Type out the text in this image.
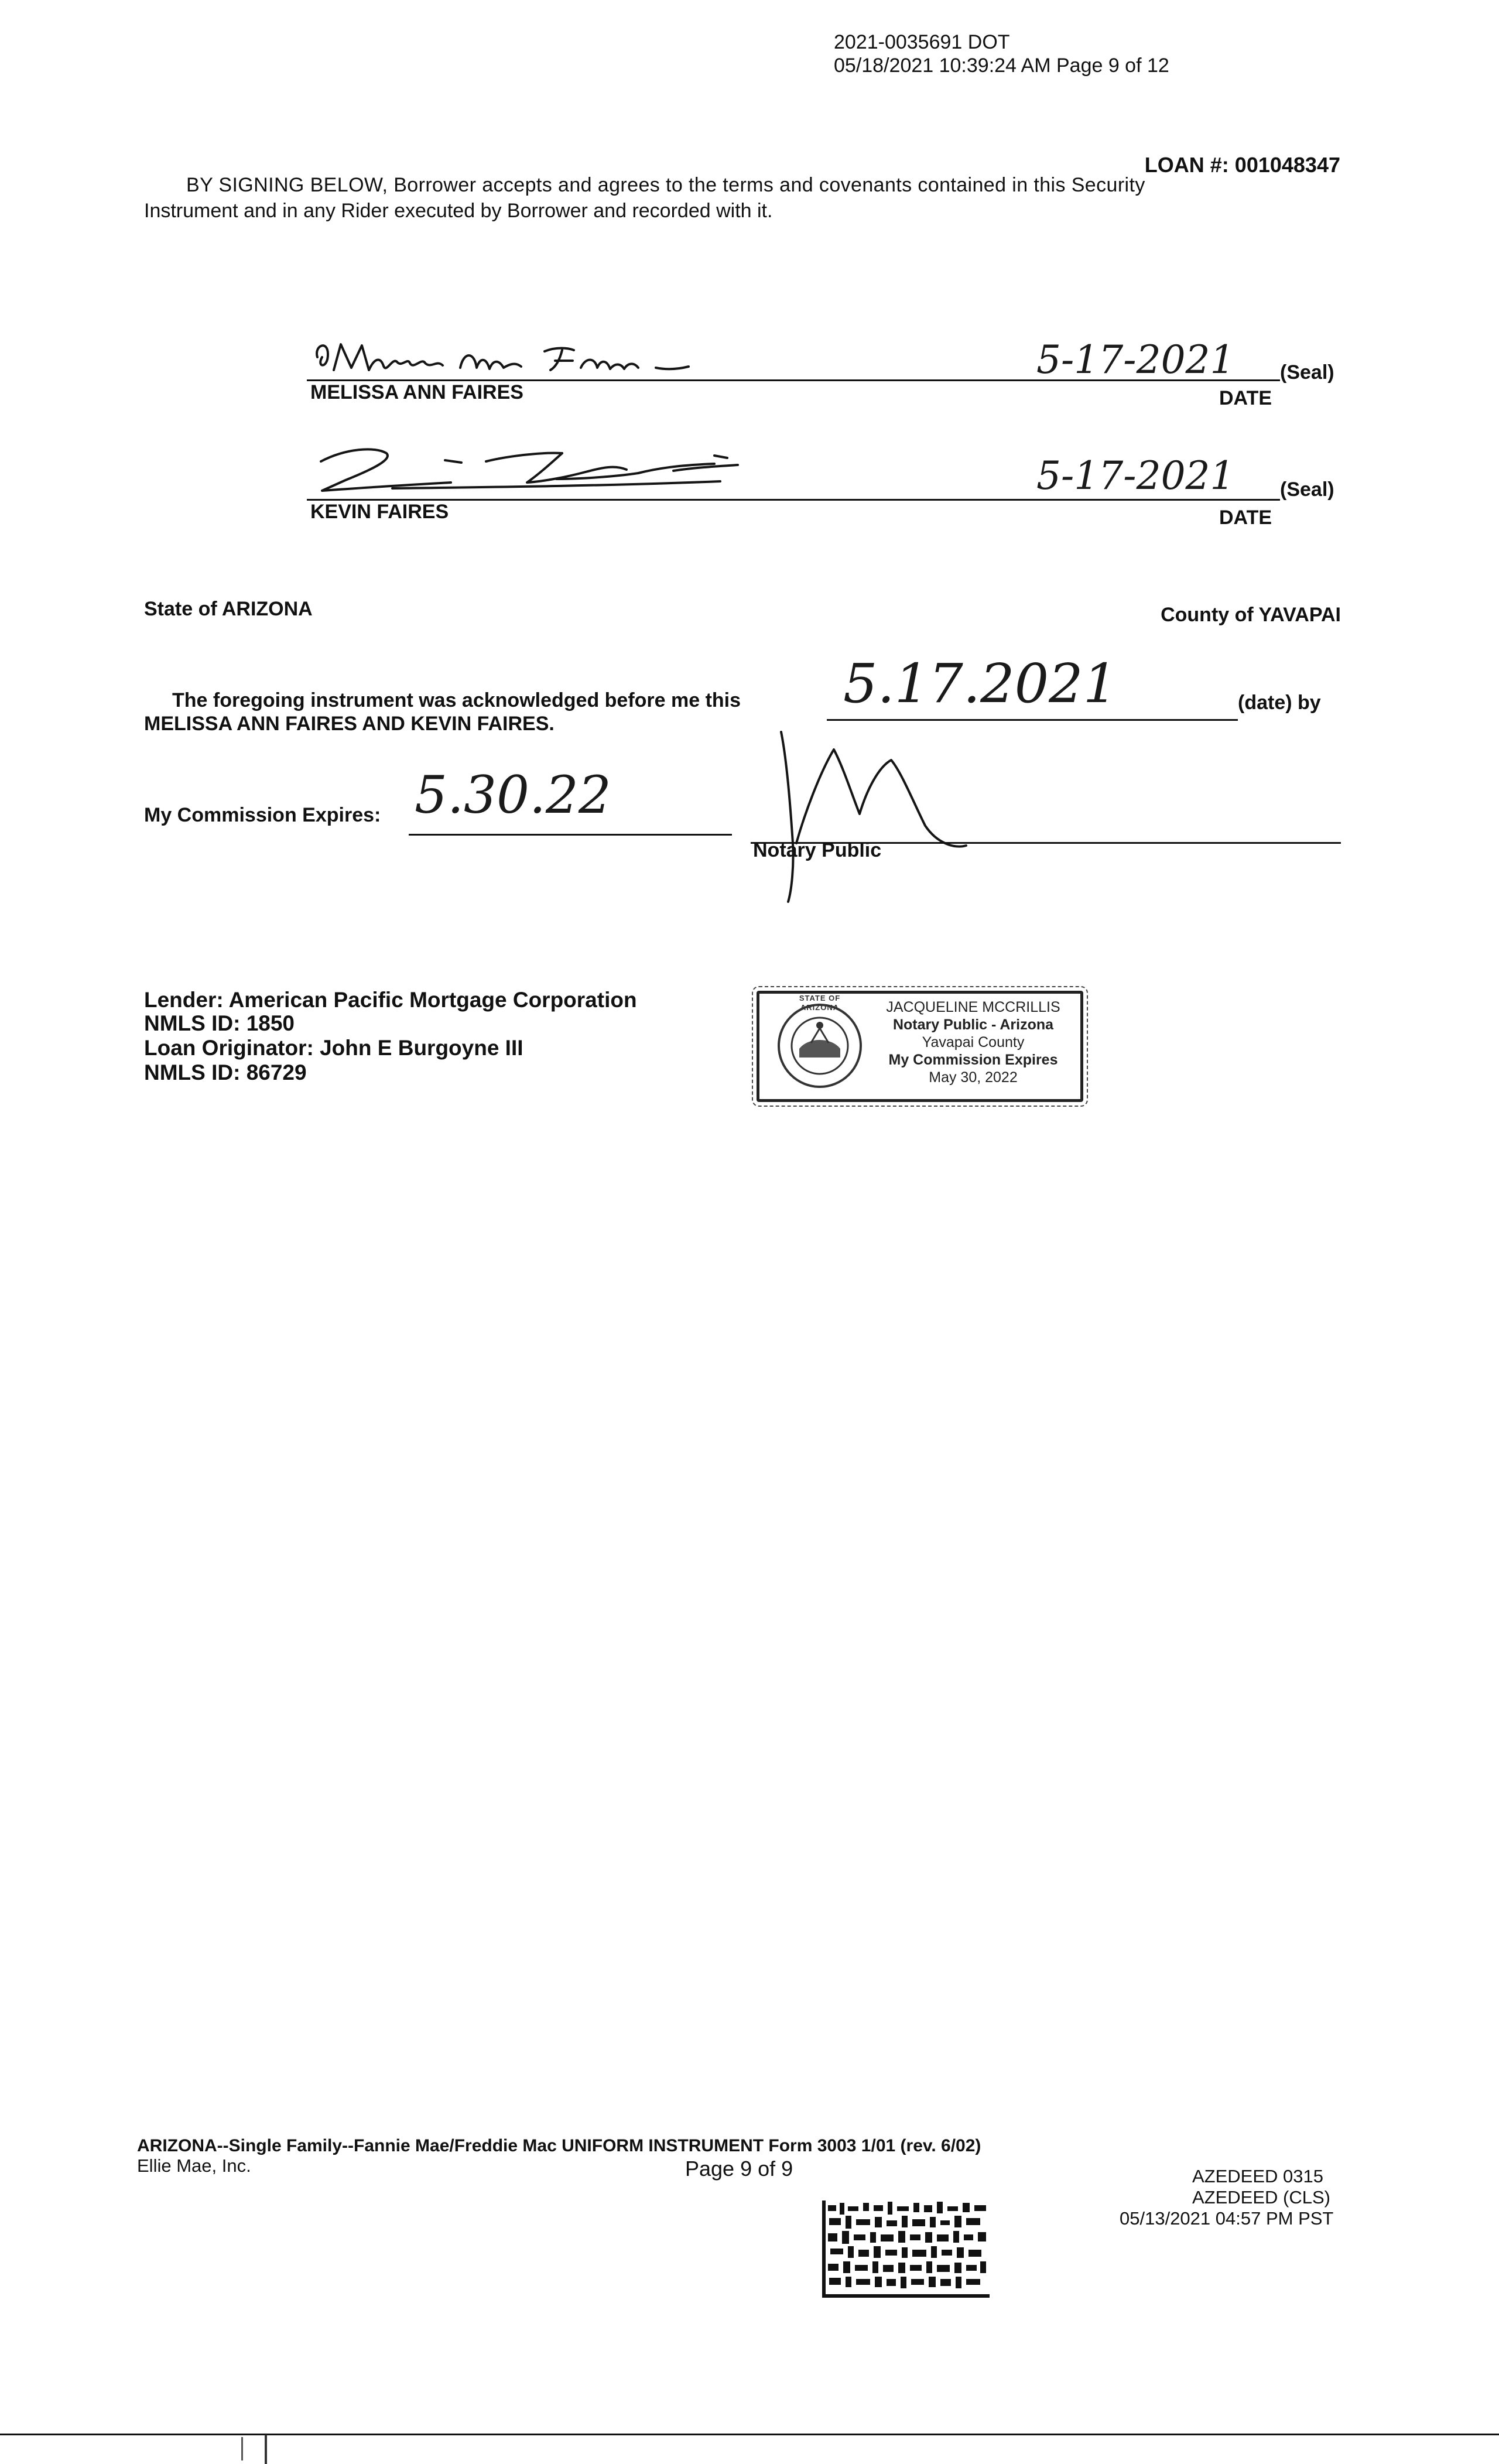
2021-0035691 DOT
05/18/2021 10:39:24 AM Page 9 of 12
LOAN #: 001048347
BY SIGNING BELOW, Borrower accepts and agrees to the terms and covenants contained in this Security
Instrument and in any Rider executed by Borrower and recorded with it.
MELISSA ANN FAIRES
5-17-2021
DATE
(Seal)
KEVIN FAIRES
5-17-2021
DATE
(Seal)
State of ARIZONA	County of YAVAPAI
The foregoing instrument was acknowledged before me this 5.17.2021	(date) by
MELISSA ANN FAIRES AND KEVIN FAIRES.
My Commission Expires: 5.30.22
Notary Public
Lender: American Pacific Mortgage Corporation
NMLS ID: 1850
Loan Originator: John E Burgoyne III
NMLS ID: 86729
STATE OF ARIZONA	JACQUELINE MCCRILLIS
Notary Public - Arizona
Yavapai County
My Commission Expires
May 30, 2022
ARIZONA--Single Family--Fannie Mae/Freddie Mac UNIFORM INSTRUMENT Form 3003 1/01 (rev. 6/02)
Ellie Mae, Inc.	Page 9 of 9	AZEDEED 0315
AZEDEED (CLS)
05/13/2021 04:57 PM PST
